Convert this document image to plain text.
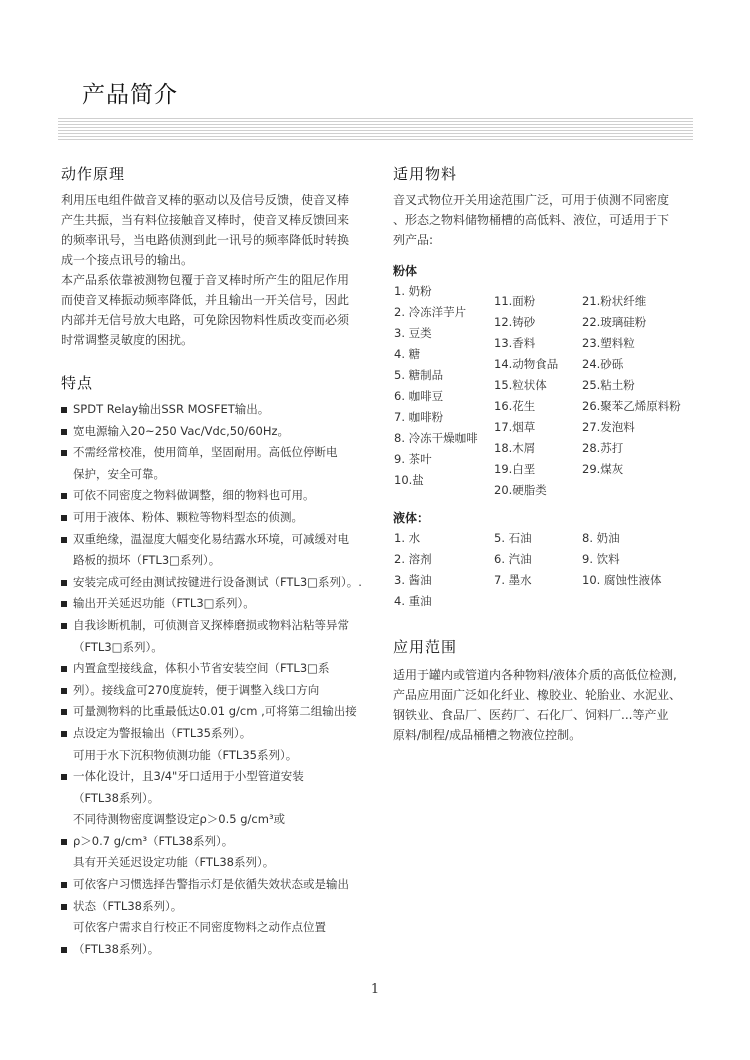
产品简介
动作原理

利用压电组件做音叉棒的驱动以及信号反馈，使音叉棒

产生共振，当有料位接触音叉棒时，使音叉棒反馈回来

的频率讯号，当电路侦测到此一讯号的频率降低时转换

成一个接点讯号的输出。

本产品系依靠被测物包覆于音叉棒时所产生的阻尼作用

而使音叉棒振动频率降低，并且输出一开关信号，因此

内部并无信号放大电路，可免除因物料性质改变而必须

时常调整灵敏度的困扰。

特点
SPDT Relay输出SSR MOSFET输出。
宽电源输入20~250 Vac/Vdc,50/60Hz。
不需经常校准，使用简单，坚固耐用。高低位停断电
保护，安全可靠。
可依不同密度之物料做调整，细的物料也可用。
可用于液体、粉体、颗粒等物料型态的侦测。
双重绝缘，温湿度大幅变化易结露水环境，可减缓对电
路板的损坏（FTL3□系列）。
安装完成可经由测试按键进行设备测试（FTL3□系列）。.
输出开关延迟功能（FTL3□系列）。
自我诊断机制，可侦测音叉探棒磨损或物料沾粘等异常
（FTL3□系列）。
内置盒型接线盒，体积小节省安装空间（FTL3□系
列）。接线盒可270度旋转，便于调整入线口方向
可量测物料的比重最低达0.01 g/cm ,可将第二组输出接
点设定为警报输出（FTL35系列）。
可用于水下沉积物侦测功能（FTL35系列）。
一体化设计，且3/4"牙口适用于小型管道安装
（FTL38系列）。
不同待测物密度调整设定ρ＞0.5 g/cm³或
ρ＞0.7 g/cm³（FTL38系列）。
具有开关延迟设定功能（FTL38系列）。
可依客户习惯选择告警指示灯是依循失效状态或是输出
状态（FTL38系列）。
可依客户需求自行校正不同密度物料之动作点位置
（FTL38系列）。
适用物料

音叉式物位开关用途范围广泛，可用于侦测不同密度

、形态之物料储物桶槽的高低料、液位，可适用于下

列产品:

粉体
1. 奶粉
2. 冷冻洋芋片
3. 豆类
4. 糖
5. 糖制品
6. 咖啡豆
7. 咖啡粉
8. 冷冻干燥咖啡
9. 茶叶
10.盐
11.面粉
12.铸砂
13.香料
14.动物食品
15.粒状体
16.花生
17.烟草
18.木屑
19.白垩
20.硬脂类
21.粉状纤维
22.玻璃硅粉
23.塑料粒
24.砂砾
25.粘土粉
26.聚苯乙烯原料粉
27.发泡料
28.苏打
29.煤灰
液体：
1. 水
2. 溶剂
3. 酱油
4. 重油
5. 石油
6. 汽油
7. 墨水
8. 奶油
9. 饮料
10. 腐蚀性液体
应用范围

适用于罐内或管道内各种物料/液体介质的高低位检测,

产品应用面广泛如化纤业、橡胶业、轮胎业、水泥业、

钢铁业、食品厂、医药厂、石化厂、饲料厂...等产业

原料/制程/成品桶槽之物液位控制。

1
